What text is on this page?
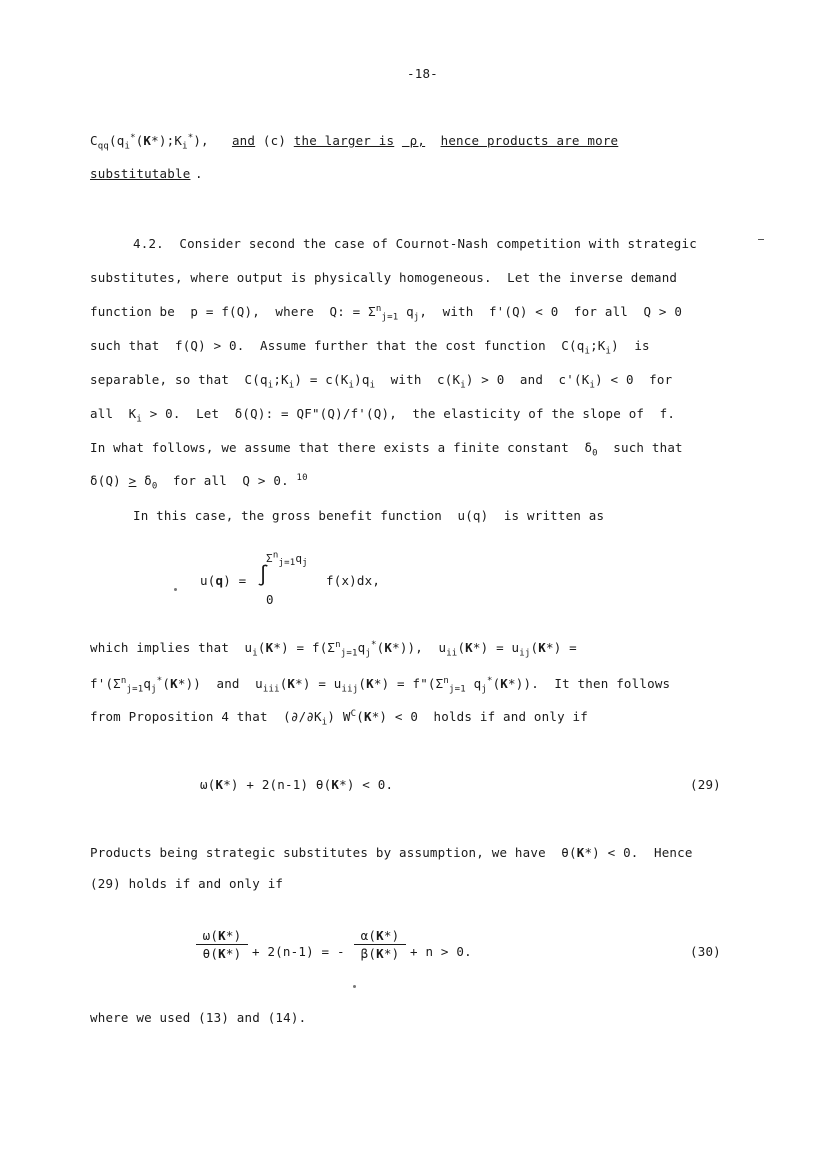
-18-
$C_{qq}(q_i^*(K*);K_i^*)$,   and (c) the larger is  ρ, hence products are more
substitutable .
4.2.  Consider second the case of Cournot-Nash competition with strategic
substitutes, where output is physically homogeneous.  Let the inverse demand
function be  p = f(Q),  where  Q: = $\Sigma^n_{j=1}$ $q_j$,  with  f'(Q) < 0  for all  Q > 0
such that  f(Q) > 0.  Assume further that the cost function  $C(q_i;K_i)$  is
separable, so that  $C(q_i;K_i) = c(K_i)q_i$  with  $c(K_i) > 0$  and  $c'(K_i) < 0$  for
all  $K_i > 0$.  Let  δ(Q): = QF"(Q)/f'(Q),  the elasticity of the slope of  f.
In what follows, we assume that there exists a finite constant  $\delta_0$  such that
$\delta(Q) > \delta_0$  for all  Q > 0. $^{10}$
In this case, the gross benefit function  u(q)  is written as
u(q) = ∫
$\Sigma^n_{j=1}q_j$
0
f(x)dx,
which implies that  $u_i(K*) = f(\Sigma^n_{j=1}q_j^*(K*))$,  $u_{ii}(K*) = u_{ij}(K*)$ =
$f'(\Sigma^n_{j=1}q_j^*(K*))$  and  $u_{iii}(K*) = u_{iij}(K*)$ = $f"(\Sigma^n_{j=1}$ $q_j^*(K*)$).  It then follows
from Proposition 4 that  $(\partial/\partial K_i) W^C(K*) < 0$  holds if and only if
ω(K*) + 2(n-1) θ(K*) < 0.	(29)
Products being strategic substitutes by assumption, we have  θ(K*) < 0.  Hence
(29) holds if and only if
$\frac{\omega(K*)}{\theta(K*)} + 2(n-1)$ = - $\frac{\alpha(K*)}{\beta(K*)} + n > 0$.	(30)
where we used (13) and (14).
